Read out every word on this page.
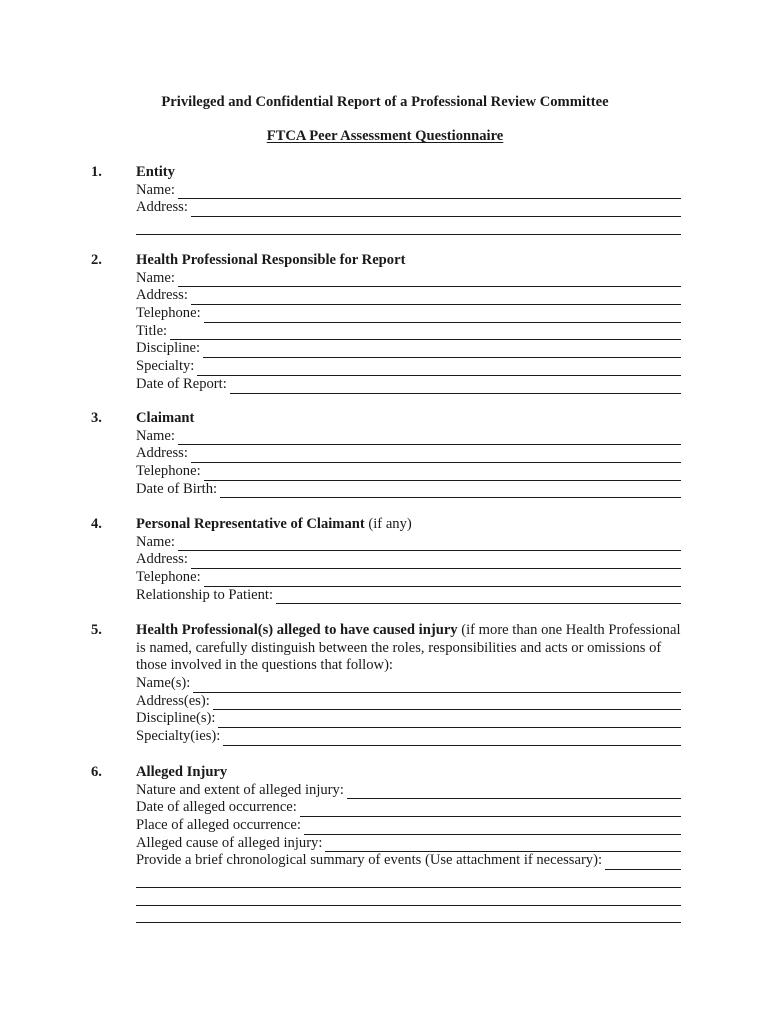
Privileged and Confidential Report of a Professional Review Committee
FTCA Peer Assessment Questionnaire
1. Entity
Name:
Address:
2. Health Professional Responsible for Report
Name:
Address:
Telephone:
Title:
Discipline:
Specialty:
Date of Report:
3. Claimant
Name:
Address:
Telephone:
Date of Birth:
4. Personal Representative of Claimant
(if any)
Name:
Address:
Telephone:
Relationship to Patient:
5. Health Professional(s) alleged to have caused injury (if more than one Health Professional is named, carefully distinguish between the roles, responsibilities and acts or omissions of those involved in the questions that follow):
Name(s):
Address(es):
Discipline(s):
Specialty(ies):
6. Alleged Injury
Nature and extent of alleged injury:
Date of alleged occurrence:
Place of alleged occurrence:
Alleged cause of alleged injury:
Provide a brief chronological summary of events (Use attachment if necessary):
